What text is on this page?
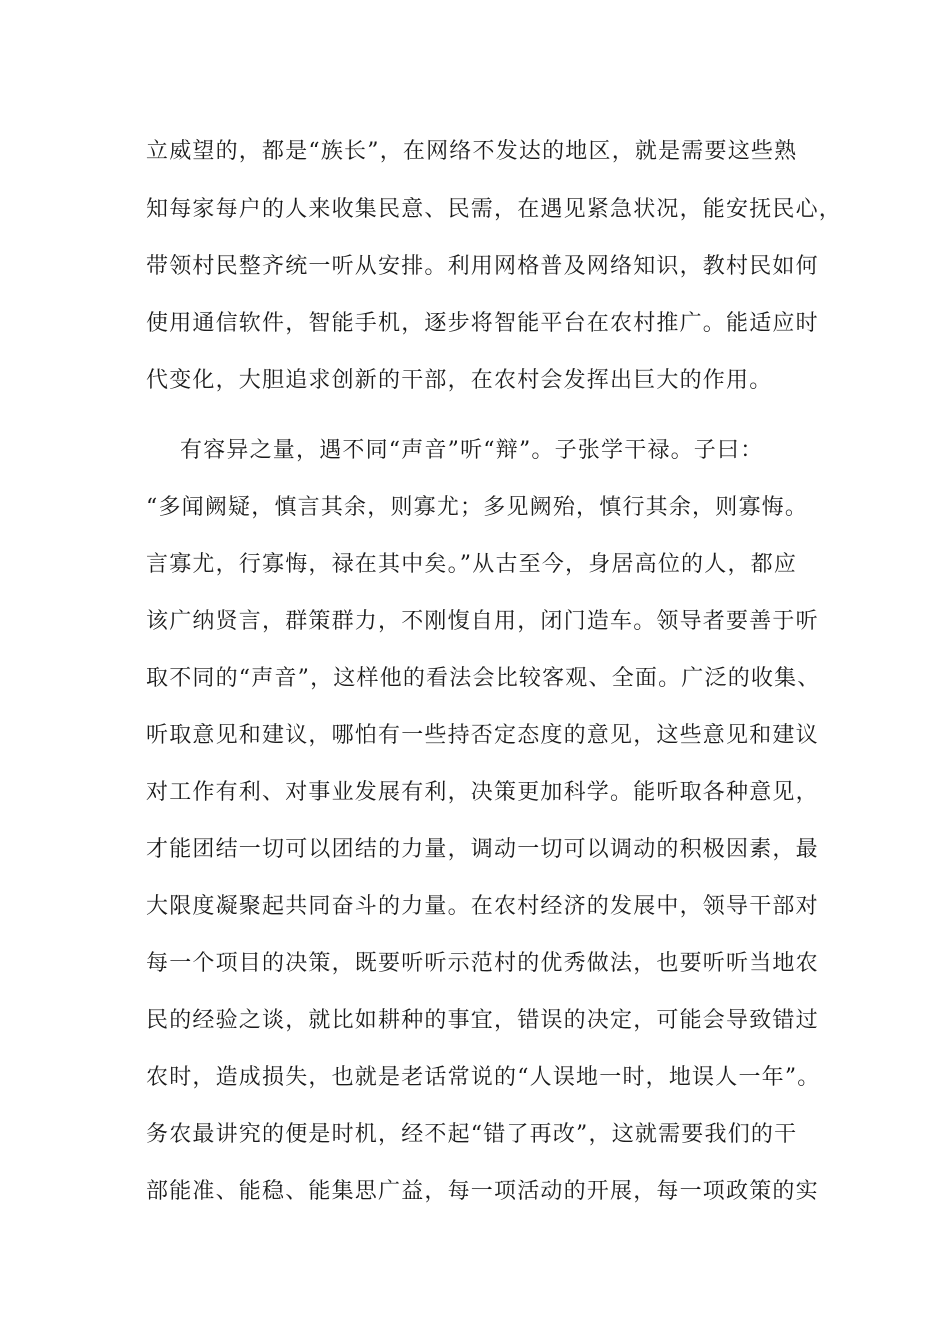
立威望的，都是“族长”，在网络不发达的地区，就是需要这些熟
知每家每户的人来收集民意、民需，在遇见紧急状况，能安抚民心，
带领村民整齐统一听从安排。利用网格普及网络知识，教村民如何
使用通信软件，智能手机，逐步将智能平台在农村推广。能适应时
代变化，大胆追求创新的干部，在农村会发挥出巨大的作用。
有容异之量，遇不同“声音”听“辩”。子张学干禄。子曰：
“多闻阙疑，慎言其余，则寡尤；多见阙殆，慎行其余，则寡悔。
言寡尤，行寡悔，禄在其中矣。”从古至今，身居高位的人，都应
该广纳贤言，群策群力，不刚愎自用，闭门造车。领导者要善于听
取不同的“声音”，这样他的看法会比较客观、全面。广泛的收集、
听取意见和建议，哪怕有一些持否定态度的意见，这些意见和建议
对工作有利、对事业发展有利，决策更加科学。能听取各种意见，
才能团结一切可以团结的力量，调动一切可以调动的积极因素，最
大限度凝聚起共同奋斗的力量。在农村经济的发展中，领导干部对
每一个项目的决策，既要听听示范村的优秀做法，也要听听当地农
民的经验之谈，就比如耕种的事宜，错误的决定，可能会导致错过
农时，造成损失，也就是老话常说的“人误地一时，地误人一年”。
务农最讲究的便是时机，经不起“错了再改”，这就需要我们的干
部能准、能稳、能集思广益，每一项活动的开展，每一项政策的实
